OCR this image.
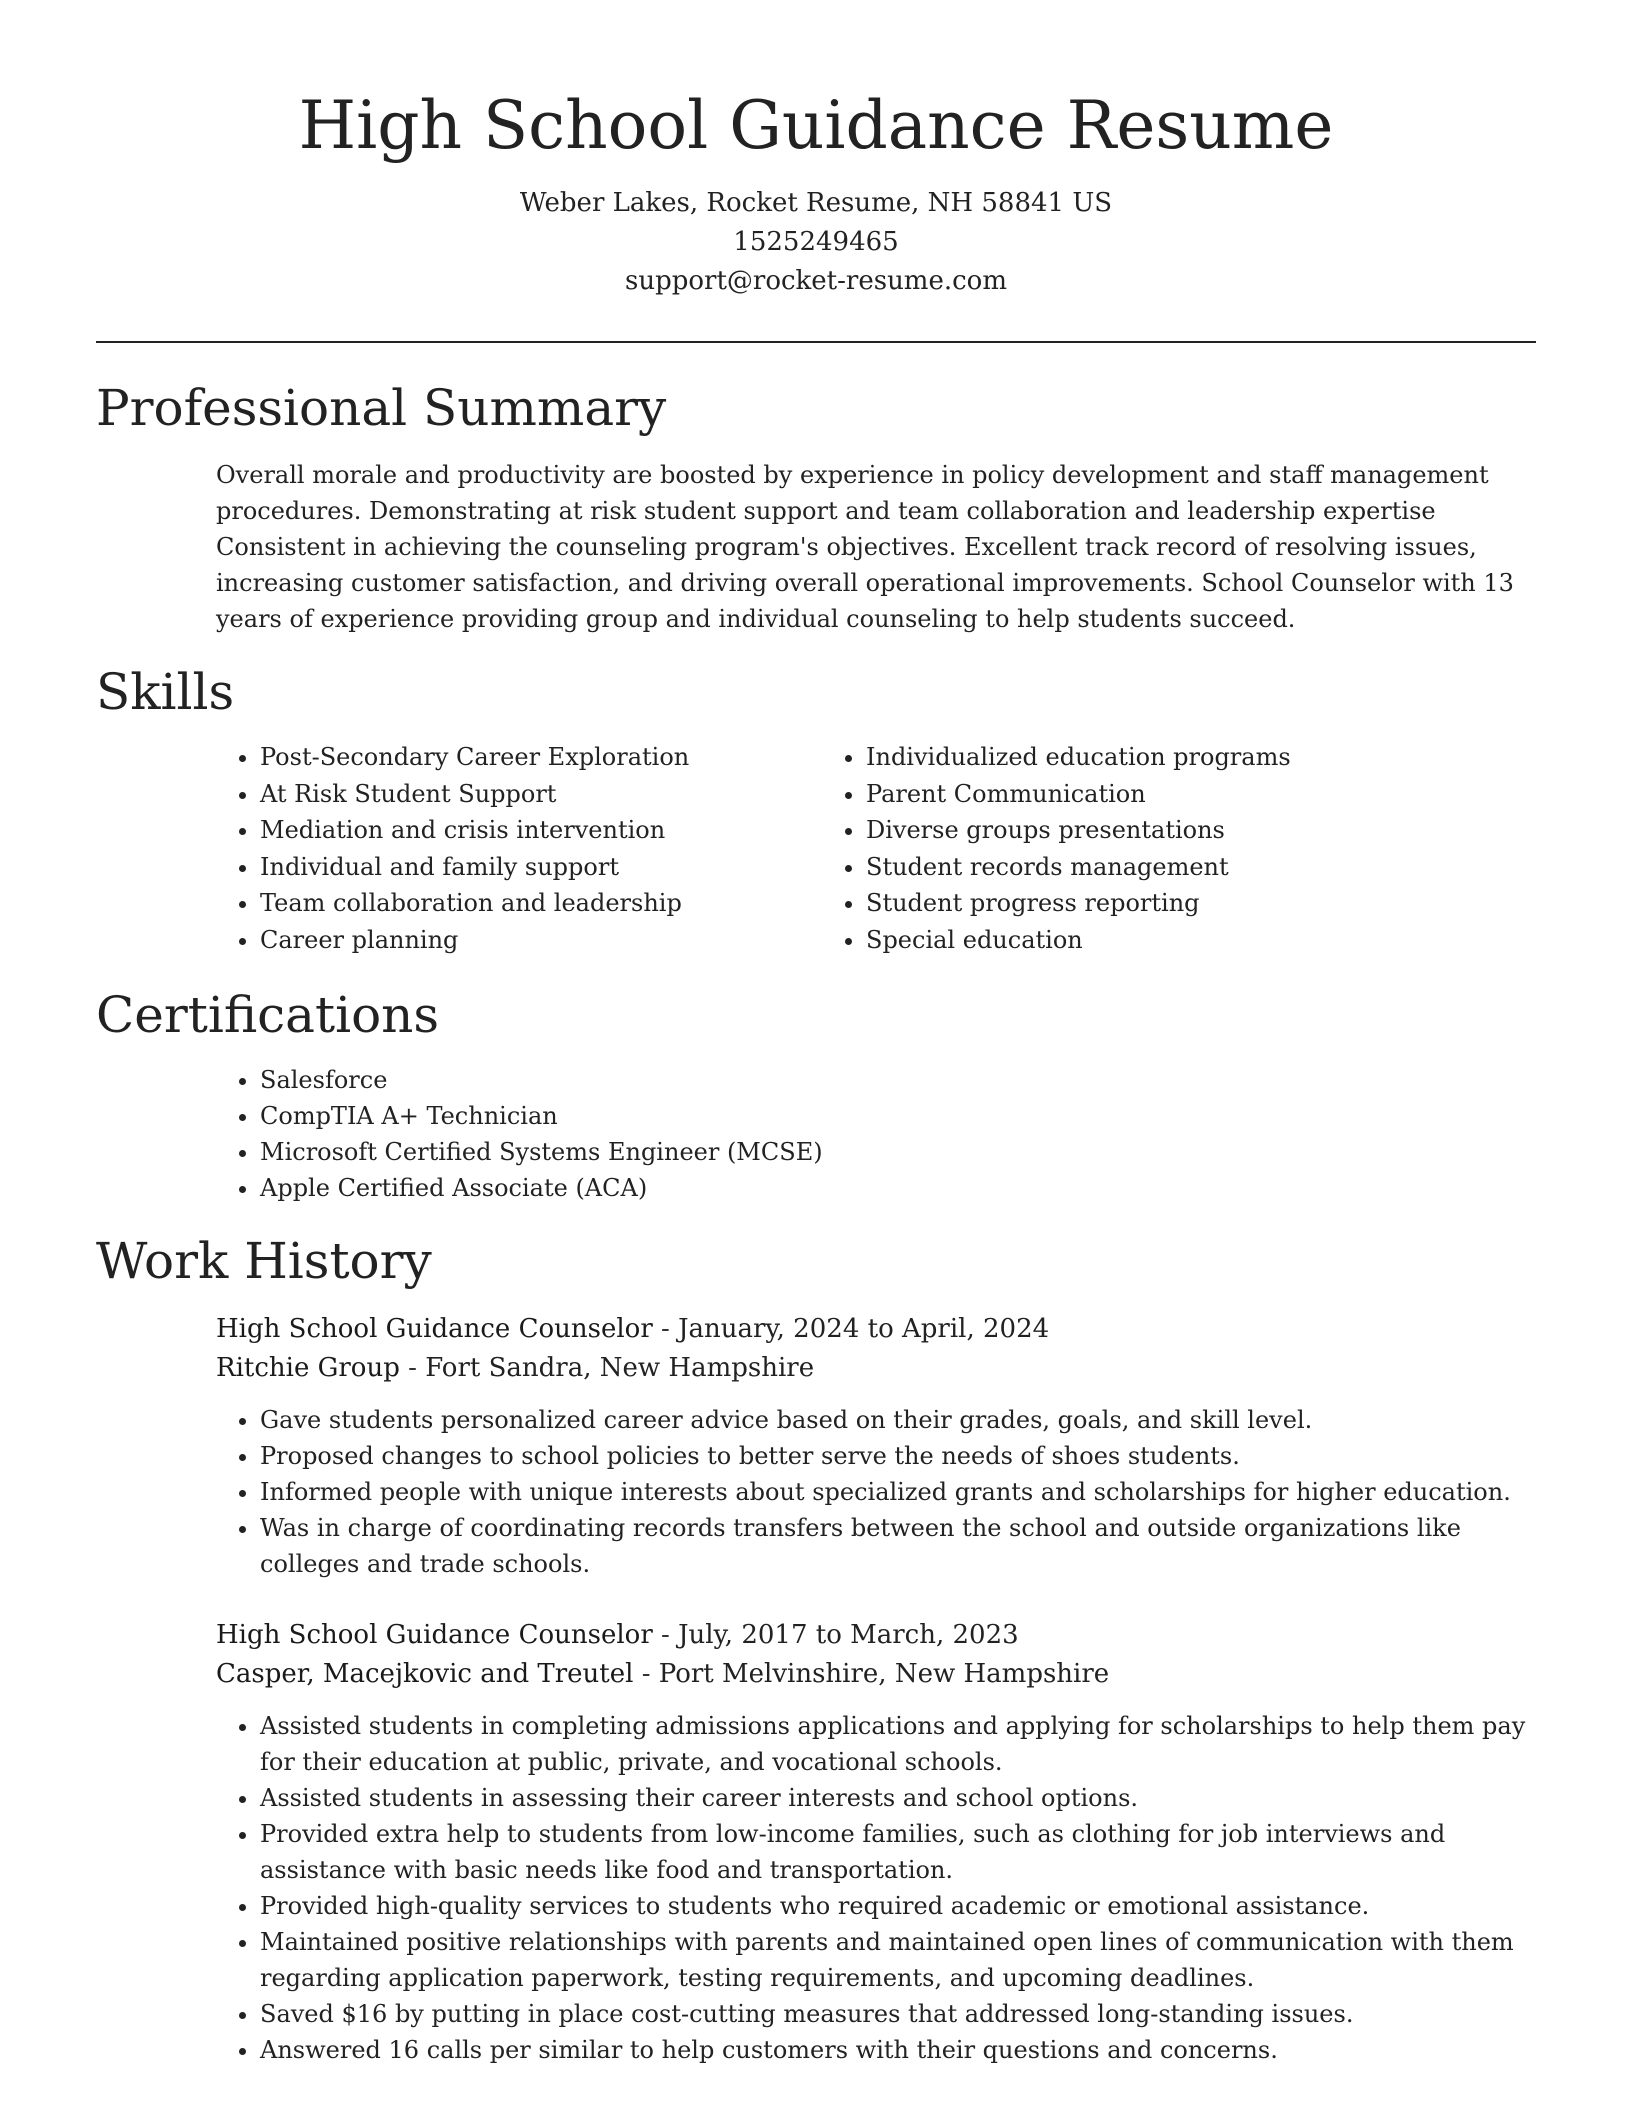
High School Guidance Resume

Weber Lakes, Rocket Resume, NH 58841 US

1525249465

support@rocket-resume.com

Professional Summary

Overall morale and productivity are boosted by experience in policy development and staff management procedures. Demonstrating at risk student support and team collaboration and leadership expertise Consistent in achieving the counseling program's objectives. Excellent track record of resolving issues, increasing customer satisfaction, and driving overall operational improvements. School Counselor with 13 years of experience providing group and individual counseling to help students succeed.

Skills
• Post-Secondary Career Exploration
• At Risk Student Support
• Mediation and crisis intervention
• Individual and family support
• Team collaboration and leadership
• Career planning
• Individualized education programs
• Parent Communication
• Diverse groups presentations
• Student records management
• Student progress reporting
• Special education
Certifications
• Salesforce
• CompTIA A+ Technician
• Microsoft Certified Systems Engineer (MCSE)
• Apple Certified Associate (ACA)
Work History

High School Guidance Counselor - January, 2024 to April, 2024

Ritchie Group - Fort Sandra, New Hampshire

• Gave students personalized career advice based on their grades, goals, and skill level.
• Proposed changes to school policies to better serve the needs of shoes students.
• Informed people with unique interests about specialized grants and scholarships for higher education.
• Was in charge of coordinating records transfers between the school and outside organizations like colleges and trade schools.

High School Guidance Counselor - July, 2017 to March, 2023

Casper, Macejkovic and Treutel - Port Melvinshire, New Hampshire

• Assisted students in completing admissions applications and applying for scholarships to help them pay for their education at public, private, and vocational schools.
• Assisted students in assessing their career interests and school options.
• Provided extra help to students from low-income families, such as clothing for job interviews and assistance with basic needs like food and transportation.
• Provided high-quality services to students who required academic or emotional assistance.
• Maintained positive relationships with parents and maintained open lines of communication with them regarding application paperwork, testing requirements, and upcoming deadlines.
• Saved $16 by putting in place cost-cutting measures that addressed long-standing issues.
• Answered 16 calls per similar to help customers with their questions and concerns.
